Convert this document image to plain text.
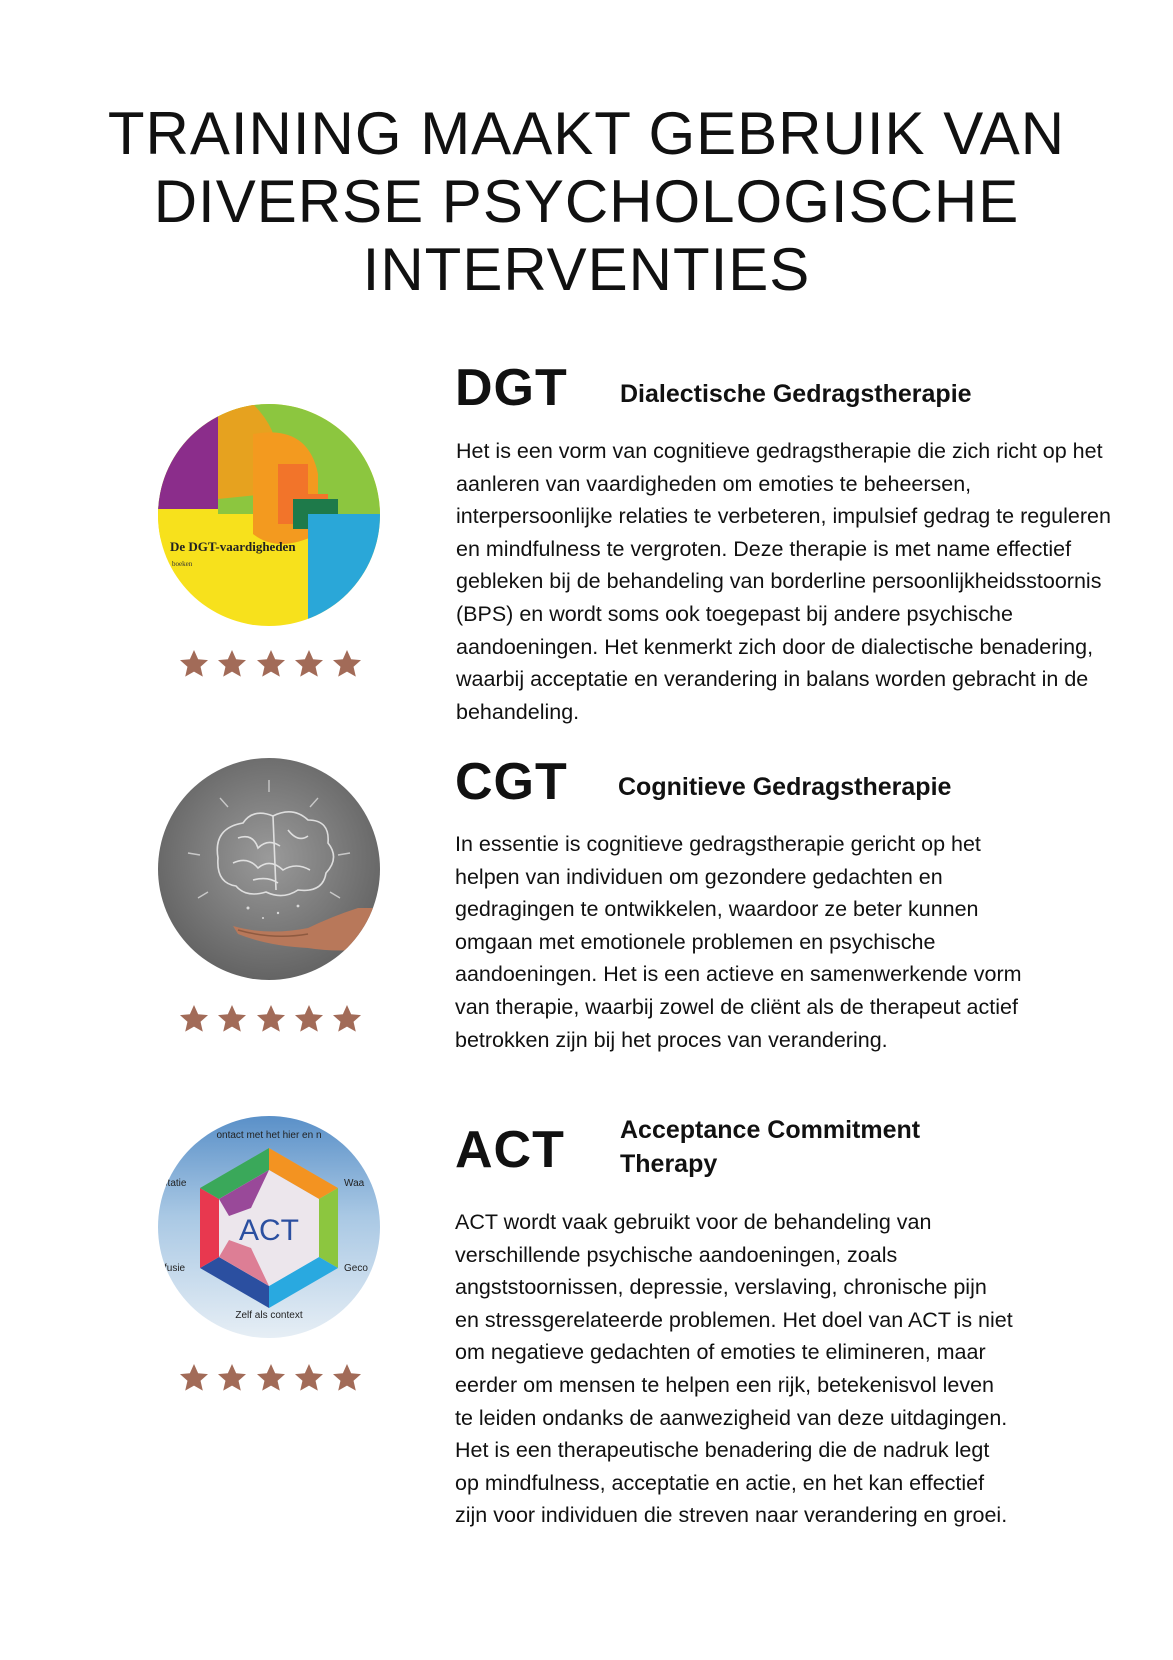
TRAINING MAAKT GEBRUIK VAN DIVERSE PSYCHOLOGISCHE INTERVENTIES
De DGT-vaardigheden
boeken
DGT Dialectische Gedragstherapie

Het is een vorm van cognitieve gedragstherapie die zich richt op het aanleren van vaardigheden om emoties te beheersen, interpersoonlijke relaties te verbeteren, impulsief gedrag te reguleren en mindfulness te vergroten. Deze therapie is met name effectief gebleken bij de behandeling van borderline persoonlijkheidsstoornis (BPS) en wordt soms ook toegepast bij andere psychische aandoeningen. Het kenmerkt zich door de dialectische benadering, waarbij acceptatie en verandering in balans worden gebracht in de behandeling.

CGT Cognitieve Gedragstherapie

In essentie is cognitieve gedragstherapie gericht op het helpen van individuen om gezondere gedachten en gedragingen te ontwikkelen, waardoor ze beter kunnen omgaan met emotionele problemen en psychische aandoeningen. Het is een actieve en samenwerkende vorm van therapie, waarbij zowel de cliënt als de therapeut actief betrokken zijn bij het proces van verandering.

ontact met het hier en n
Waa
Geco
Zelf als context
fusie
ptatie
ACT
ACT Acceptance Commitment Therapy

ACT wordt vaak gebruikt voor de behandeling van verschillende psychische aandoeningen, zoals angststoornissen, depressie, verslaving, chronische pijn en stressgerelateerde problemen. Het doel van ACT is niet om negatieve gedachten of emoties te elimineren, maar eerder om mensen te helpen een rijk, betekenisvol leven te leiden ondanks de aanwezigheid van deze uitdagingen. Het is een therapeutische benadering die de nadruk legt op mindfulness, acceptatie en actie, en het kan effectief zijn voor individuen die streven naar verandering en groei.
